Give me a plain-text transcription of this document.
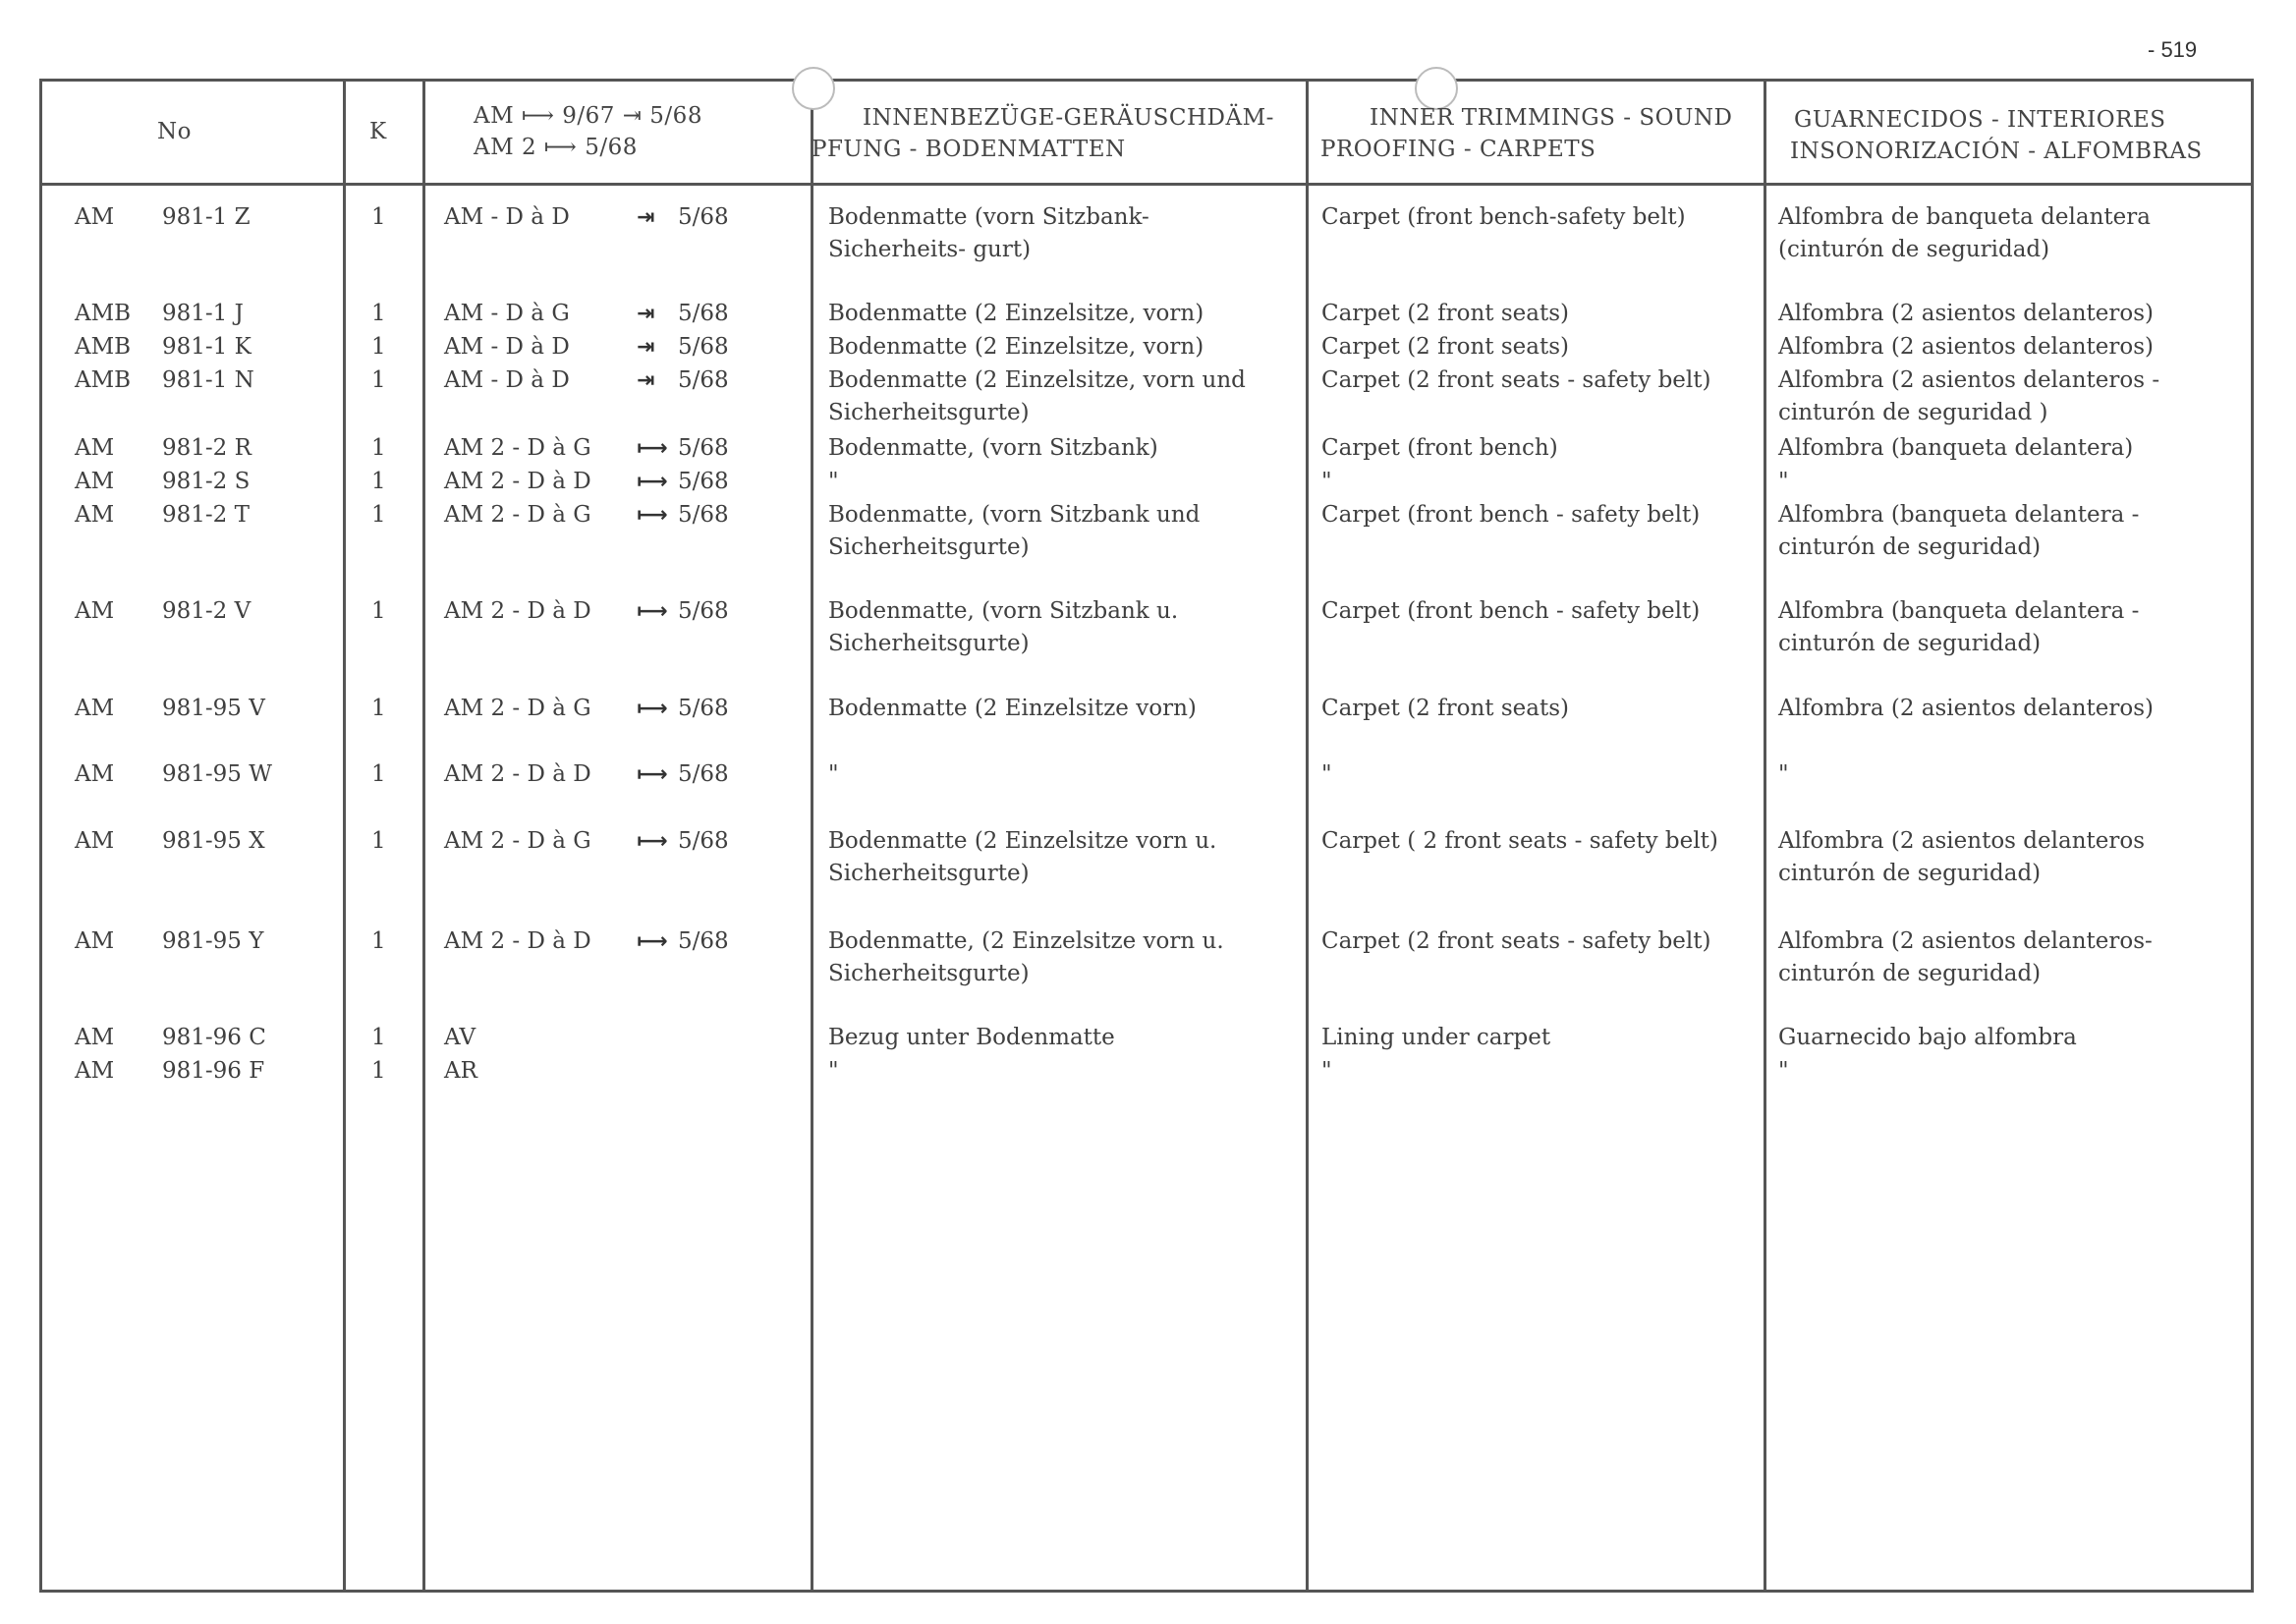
- 519
No	K
AM ⟼ 9/67 ⇥ 5/68
AM 2 ⟼ 5/68
INNENBEZÜGE-GERÄUSCHDÄM-
PFUNG - BODENMATTEN
INNER TRIMMINGS - SOUND
PROOFING - CARPETS
GUARNECIDOS - INTERIORES
INSONORIZACIÓN - ALFOMBRAS
AM	981-1 Z	1	AM - D à D	⇥	5/68	Bodenmatte (vorn Sitzbank-Sicherheits- gurt)
Carpet (front bench-safety belt)	Alfombra de banqueta delantera (cinturón de seguridad)
AMB	981-1 J	1	AM - D à G	⇥	5/68	Bodenmatte (2 Einzelsitze, vorn)	Carpet (2 front seats)	Alfombra (2 asientos delanteros)
AMB	981-1 K	1	AM - D à D	⇥	5/68	Bodenmatte (2 Einzelsitze, vorn)	Carpet (2 front seats)	Alfombra (2 asientos delanteros)
AMB	981-1 N	1	AM - D à D	⇥	5/68	Bodenmatte (2 Einzelsitze, vorn und Sicherheitsgurte)
Carpet (2 front seats - safety belt)	Alfombra (2 asientos delanteros - cinturón de seguridad )
AM	981-2 R	1	AM 2 - D à G	⟼ 5/68	Bodenmatte, (vorn Sitzbank)	Carpet (front bench)	Alfombra (banqueta delantera)
AM	981-2 S	1	AM 2 - D à D	⟼ 5/68	"	"	"
AM	981-2 T	1	AM 2 - D à G	⟼ 5/68	Bodenmatte, (vorn Sitzbank und Sicherheitsgurte)
Carpet (front bench - safety belt)	Alfombra (banqueta delantera - cinturón de seguridad)
AM	981-2 V	1	AM 2 - D à D	⟼ 5/68	Bodenmatte, (vorn Sitzbank u. Sicherheitsgurte)
Carpet (front bench - safety belt)	Alfombra (banqueta delantera - cinturón de seguridad)
AM	981-95 V	1	AM 2 - D à G	⟼ 5/68	Bodenmatte (2 Einzelsitze vorn)	Carpet (2 front seats)	Alfombra (2 asientos delanteros)
AM	981-95 W	1	AM 2 - D à D	⟼ 5/68	"	"	"
AM	981-95 X	1	AM 2 - D à G	⟼ 5/68	Bodenmatte (2 Einzelsitze vorn u. Sicherheitsgurte)
Carpet ( 2 front seats - safety belt)	Alfombra (2 asientos delanteros cinturón de seguridad)
AM	981-95 Y	1	AM 2 - D à D	⟼ 5/68	Bodenmatte, (2 Einzelsitze vorn u. Sicherheitsgurte)
Carpet (2 front seats - safety belt)	Alfombra (2 asientos delanteros- cinturón de seguridad)
AM	981-96 C	1	AV	Bezug unter Bodenmatte	Lining under carpet	Guarnecido bajo alfombra
AM	981-96 F	1	AR	"	"	"
